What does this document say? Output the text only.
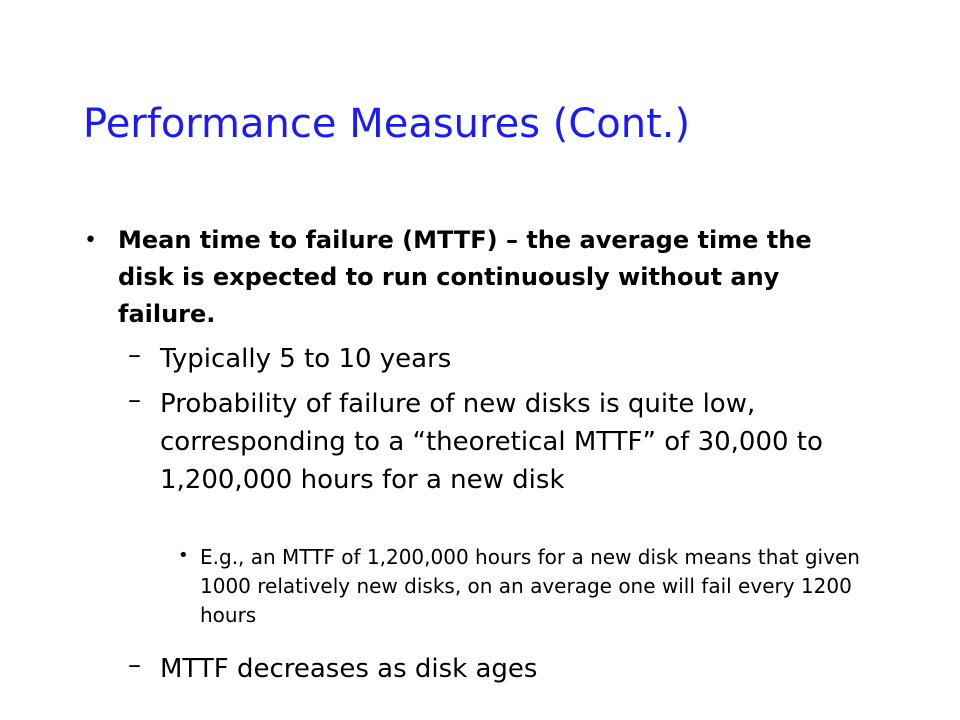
Performance Measures (Cont.)
• Mean time to failure (MTTF) – the average time the disk is expected to run continuously without any failure.
– Typically 5 to 10 years
– Probability of failure of new disks is quite low, corresponding to a “theoretical MTTF” of 30,000 to 1,200,000 hours for a new disk
• E.g., an MTTF of 1,200,000 hours for a new disk means that given 1000 relatively new disks, on an average one will fail every 1200 hours
– MTTF decreases as disk ages
